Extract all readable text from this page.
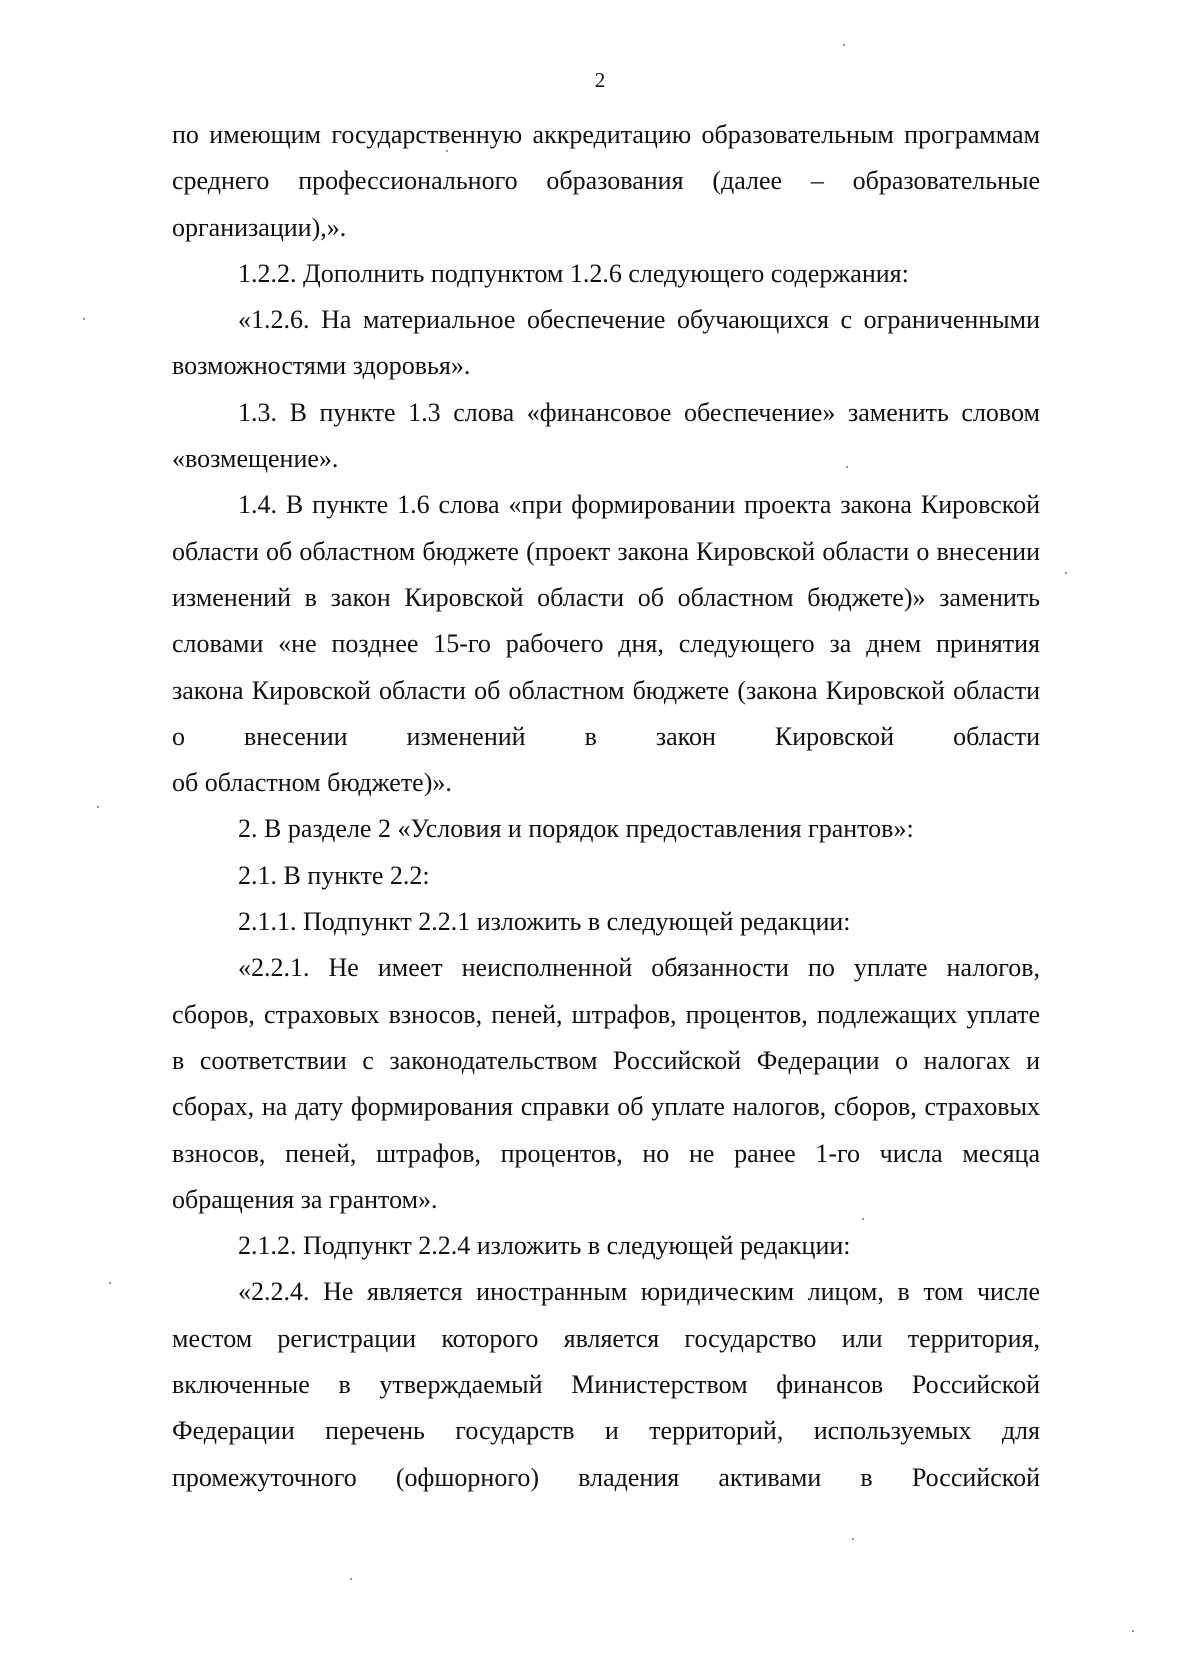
2

по имеющим государственную аккредитацию образовательным программам среднего профессионального образования (далее – образовательные организации),».

1.2.2. Дополнить подпунктом 1.2.6 следующего содержания:

«1.2.6. На материальное обеспечение обучающихся с ограниченными возможностями здоровья».

1.3. В пункте 1.3 слова «финансовое обеспечение» заменить словом «возмещение».

1.4. В пункте 1.6 слова «при формировании проекта закона Кировской области об областном бюджете (проект закона Кировской области о внесении изменений в закон Кировской области об областном бюджете)» заменить словами «не позднее 15-го рабочего дня, следующего за днем принятия закона Кировской области об областном бюджете (закона Кировской области о внесении изменений в закон Кировской области

об областном бюджете)».

2. В разделе 2 «Условия и порядок предоставления грантов»:

2.1. В пункте 2.2:

2.1.1. Подпункт 2.2.1 изложить в следующей редакции:

«2.2.1. Не имеет неисполненной обязанности по уплате налогов, сборов, страховых взносов, пеней, штрафов, процентов, подлежащих уплате в соответствии с законодательством Российской Федерации о налогах и сборах, на дату формирования справки об уплате налогов, сборов, страховых взносов, пеней, штрафов, процентов, но не ранее 1-го числа месяца обращения за грантом».

2.1.2. Подпункт 2.2.4 изложить в следующей редакции:

«2.2.4. Не является иностранным юридическим лицом, в том числе местом регистрации которого является государство или территория, включенные в утверждаемый Министерством финансов Российской Федерации перечень государств и территорий, используемых для промежуточного (офшорного) владения активами в Российской
